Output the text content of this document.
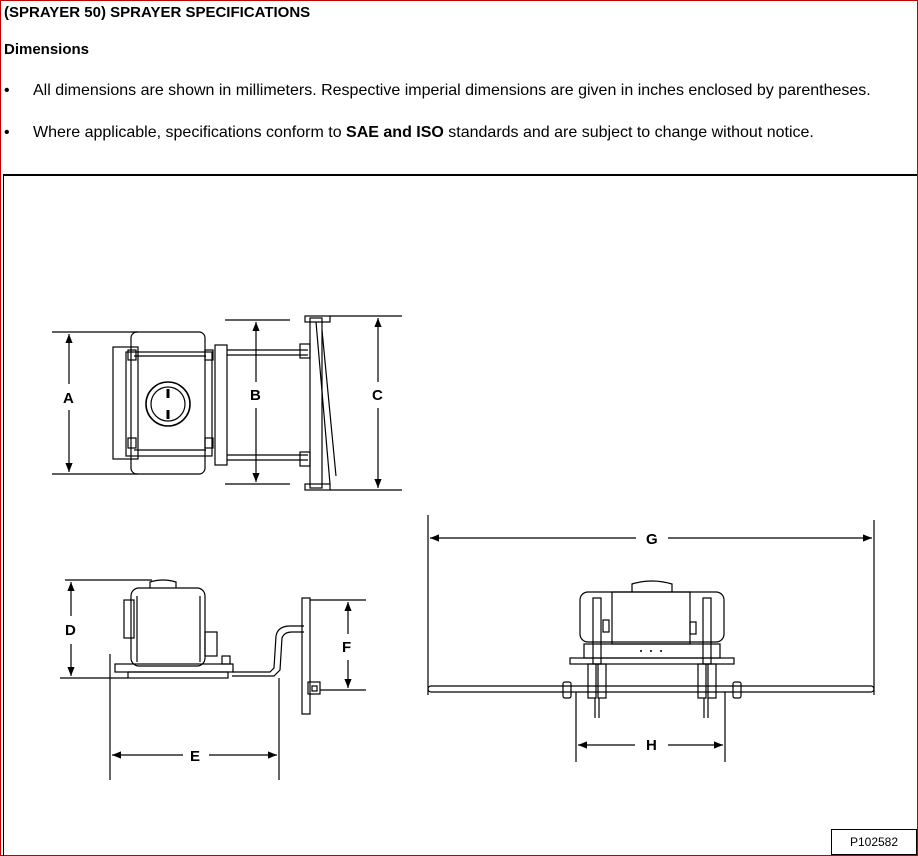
(SPRAYER 50) SPRAYER SPECIFICATIONS
Dimensions
• All dimensions are shown in millimeters. Respective imperial dimensions are given in inches enclosed by parentheses.
• Where applicable, specifications conform to SAE and ISO standards and are subject to change without notice.
A	B	C
D
E
F
G
H
P102582
